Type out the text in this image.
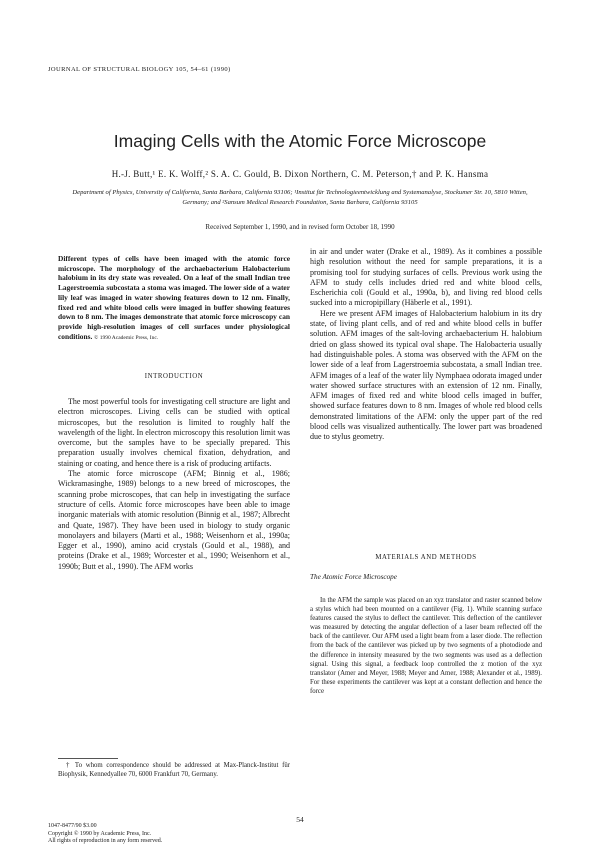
JOURNAL OF STRUCTURAL BIOLOGY 105, 54–61 (1990)
Imaging Cells with the Atomic Force Microscope
H.-J. Butt,¹ E. K. Wolff,² S. A. C. Gould, B. Dixon Northern, C. M. Peterson,† and P. K. Hansma
Department of Physics, University of California, Santa Barbara, California 93106; ¹Institut für Technologieentwicklung and Systemanalyse, Stockumer Str. 10, 5810 Witten, Germany; and ²Sansum Medical Research Foundation, Santa Barbara, California 93105
Received September 1, 1990, and in revised form October 18, 1990

Different types of cells have been imaged with the atomic force microscope. The morphology of the archaebacterium Halobacterium halobium in its dry state was revealed. On a leaf of the small Indian tree Lagerstroemia subcostata a stoma was imaged. The lower side of a water lily leaf was imaged in water showing features down to 12 nm. Finally, fixed red and white blood cells were imaged in buffer showing features down to 8 nm. The images demonstrate that atomic force microscopy can provide high-resolution images of cell surfaces under physiological conditions. © 1990 Academic Press, Inc.

INTRODUCTION

The most powerful tools for investigating cell structure are light and electron microscopes. Living cells can be studied with optical microscopes, but the resolution is limited to roughly half the wavelength of the light. In electron microscopy this resolution limit was overcome, but the samples have to be specially prepared. This preparation usually involves chemical fixation, dehydration, and staining or coating, and hence there is a risk of producing artifacts.

The atomic force microscope (AFM; Binnig et al., 1986; Wickramasinghe, 1989) belongs to a new breed of microscopes, the scanning probe microscopes, that can help in investigating the surface structure of cells. Atomic force microscopes have been able to image inorganic materials with atomic resolution (Binnig et al., 1987; Albrecht and Quate, 1987). They have been used in biology to study organic monolayers and bilayers (Marti et al., 1988; Weisenhorn et al., 1990a; Egger et al., 1990), amino acid crystals (Gould et al., 1988), and proteins (Drake et al., 1989; Worcester et al., 1990; Weisenhorn et al., 1990b; Butt et al., 1990). The AFM works

in air and under water (Drake et al., 1989). As it combines a possible high resolution without the need for sample preparations, it is a promising tool for studying surfaces of cells. Previous work using the AFM to study cells includes dried red and white blood cells, Escherichia coli (Gould et al., 1990a, b), and living red blood cells sucked into a micropipillary (Häberle et al., 1991).

Here we present AFM images of Halobacterium halobium in its dry state, of living plant cells, and of red and white blood cells in buffer solution. AFM images of the salt-loving archaebacterium H. halobium dried on glass showed its typical oval shape. The Halobacteria usually had distinguishable poles. A stoma was observed with the AFM on the lower side of a leaf from Lagerstroemia subcostata, a small Indian tree. AFM images of a leaf of the water lily Nymphaea odorata imaged under water showed surface structures with an extension of 12 nm. Finally, AFM images of fixed red and white blood cells imaged in buffer, showed surface features down to 8 nm. Images of whole red blood cells demonstrated limitations of the AFM: only the upper part of the red blood cells was visualized authentically. The lower part was broadened due to stylus geometry.

MATERIALS AND METHODS
The Atomic Force Microscope

In the AFM the sample was placed on an xyz translator and raster scanned below a stylus which had been mounted on a cantilever (Fig. 1). While scanning surface features caused the stylus to deflect the cantilever. This deflection of the cantilever was measured by detecting the angular deflection of a laser beam reflected off the back of the cantilever. Our AFM used a light beam from a laser diode. The reflection from the back of the cantilever was picked up by two segments of a photodiode and the difference in intensity measured by the two segments was used as a deflection signal. Using this signal, a feedback loop controlled the z motion of the xyz translator (Amer and Meyer, 1988; Meyer and Amer, 1988; Alexander et al., 1989). For these experiments the cantilever was kept at a constant deflection and hence the force

† To whom correspondence should be addressed at Max-Planck-Institut für Biophysik, Kennedyallee 70, 6000 Frankfurt 70, Germany.

54
1047-8477/90 $3.00
Copyright © 1990 by Academic Press, Inc.
All rights of reproduction in any form reserved.
